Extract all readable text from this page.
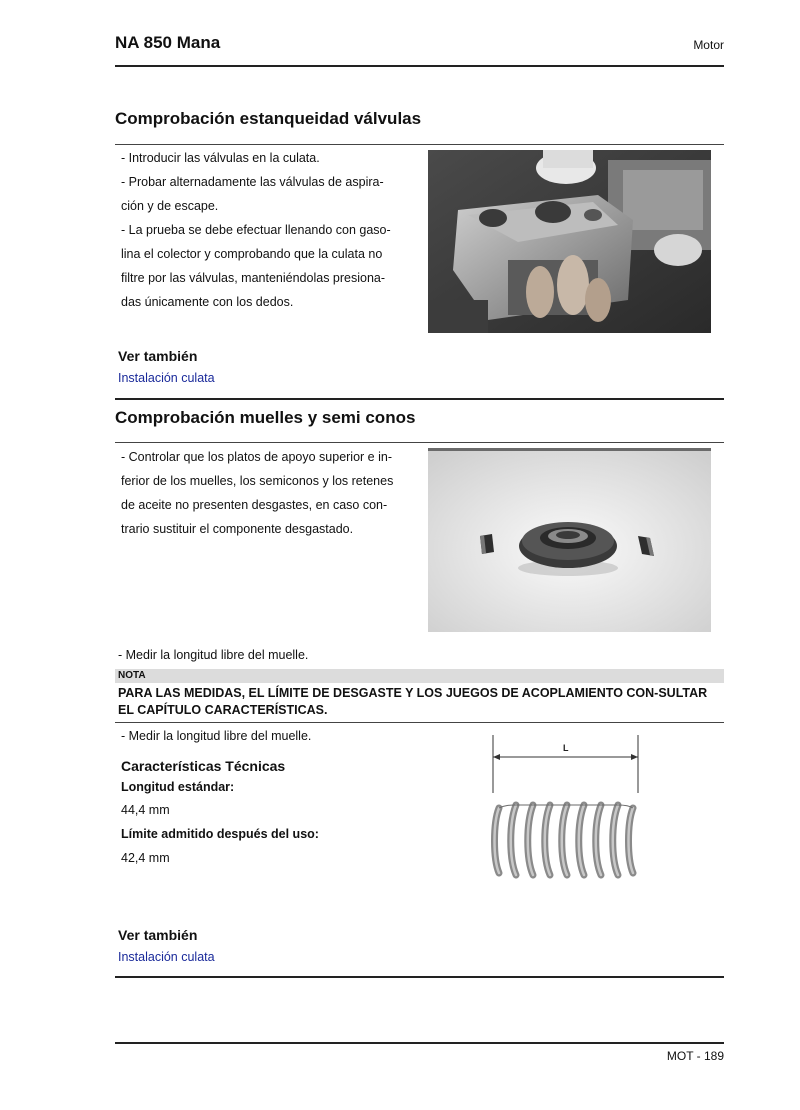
NA 850 Mana	Motor
Comprobación estanqueidad válvulas
- Introducir las válvulas en la culata.
- Probar alternadamente las válvulas de aspira-
ción y de escape.
- La prueba se debe efectuar llenando con gaso-
lina el colector y comprobando que la culata no
filtre por las válvulas, manteniéndolas presiona-
das únicamente con los dedos.
Ver también
Instalación culata
Comprobación muelles y semi conos
- Controlar que los platos de apoyo superior e in-
ferior de los muelles, los semiconos y los retenes
de aceite no presenten desgastes, en caso con-
trario sustituir el componente desgastado.
- Medir la longitud libre del muelle.
NOTA
PARA LAS MEDIDAS, EL LÍMITE DE DESGASTE Y LOS JUEGOS DE ACOPLAMIENTO CON-SULTAR EL CAPÍTULO CARACTERÍSTICAS.
- Medir la longitud libre del muelle.
Características Técnicas
Longitud estándar:
44,4 mm
Límite admitido después del uso:
42,4 mm
L
Ver también
Instalación culata
MOT - 189
